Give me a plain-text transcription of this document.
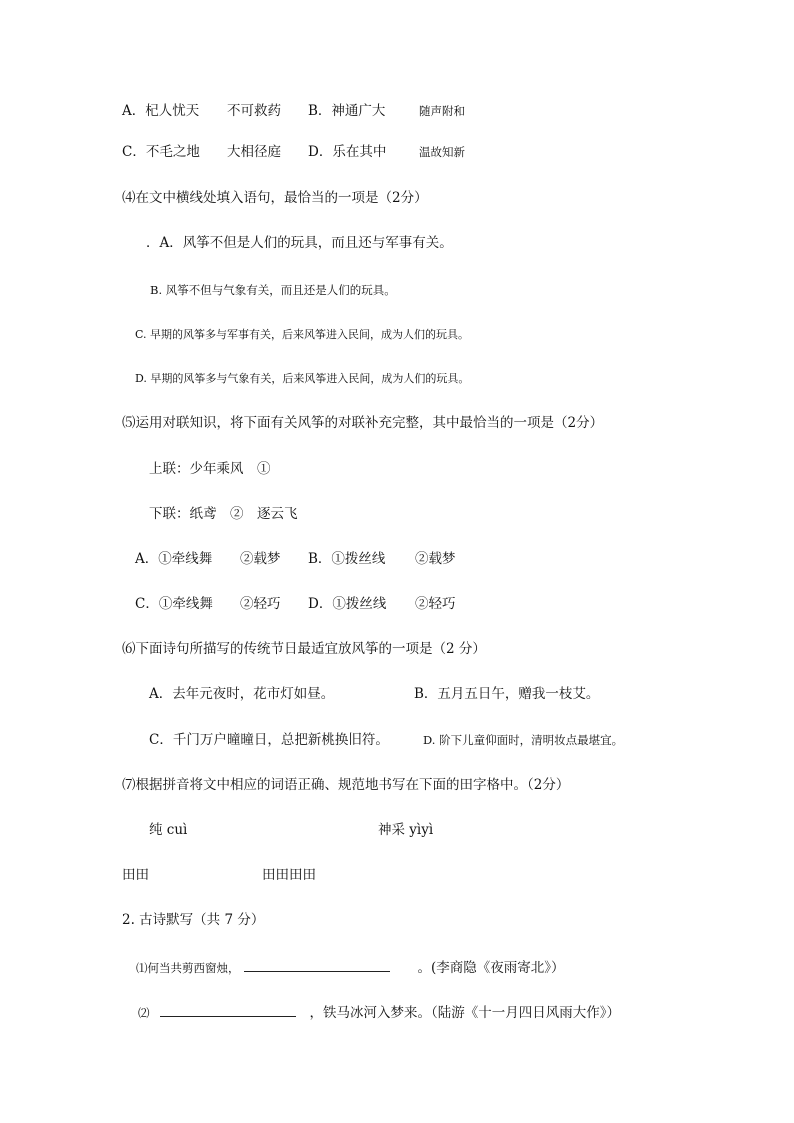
A．杞人忧天 不可救药 B．神通广大	随声附和
C．不毛之地 大相径庭 D．乐在其中	温故知新
⑷在文中横线处填入语句，最恰当的一项是（2分）
．A．风筝不但是人们的玩具，而且还与军事有关。
B. 风筝不但与气象有关，而且还是人们的玩具。
C. 早期的风筝多与军事有关，后来风筝进入民间，成为人们的玩具。
D. 早期的风筝多与气象有关，后来风筝进入民间，成为人们的玩具。
⑸运用对联知识，将下面有关风筝的对联补充完整，其中最恰当的一项是（2分）
上联：少年乘风　①
下联：纸鸢　②　逐云飞
A．①牵线舞 ②载梦 B．①拨丝线 ②载梦
C．①牵线舞 ②轻巧 D．①拨丝线 ②轻巧
⑹下面诗句所描写的传统节日最适宜放风筝的一项是（2 分）
A．去年元夜时，花市灯如昼。	B．五月五日午，赠我一枝艾。
C．千门万户曈曈日，总把新桃换旧符。	D. 阶下儿童仰面时，清明妆点最堪宜。
⑺根据拼音将文中相应的词语正确、规范地书写在下面的田字格中。（2分）
纯 cuì	神采 yìyì
田田	田田田田
2. 古诗默写（共 7 分）
⑴何当共剪西窗烛，	。(李商隐《夜雨寄北》）
⑵	，铁马冰河入梦来。（陆游《十一月四日风雨大作》）
